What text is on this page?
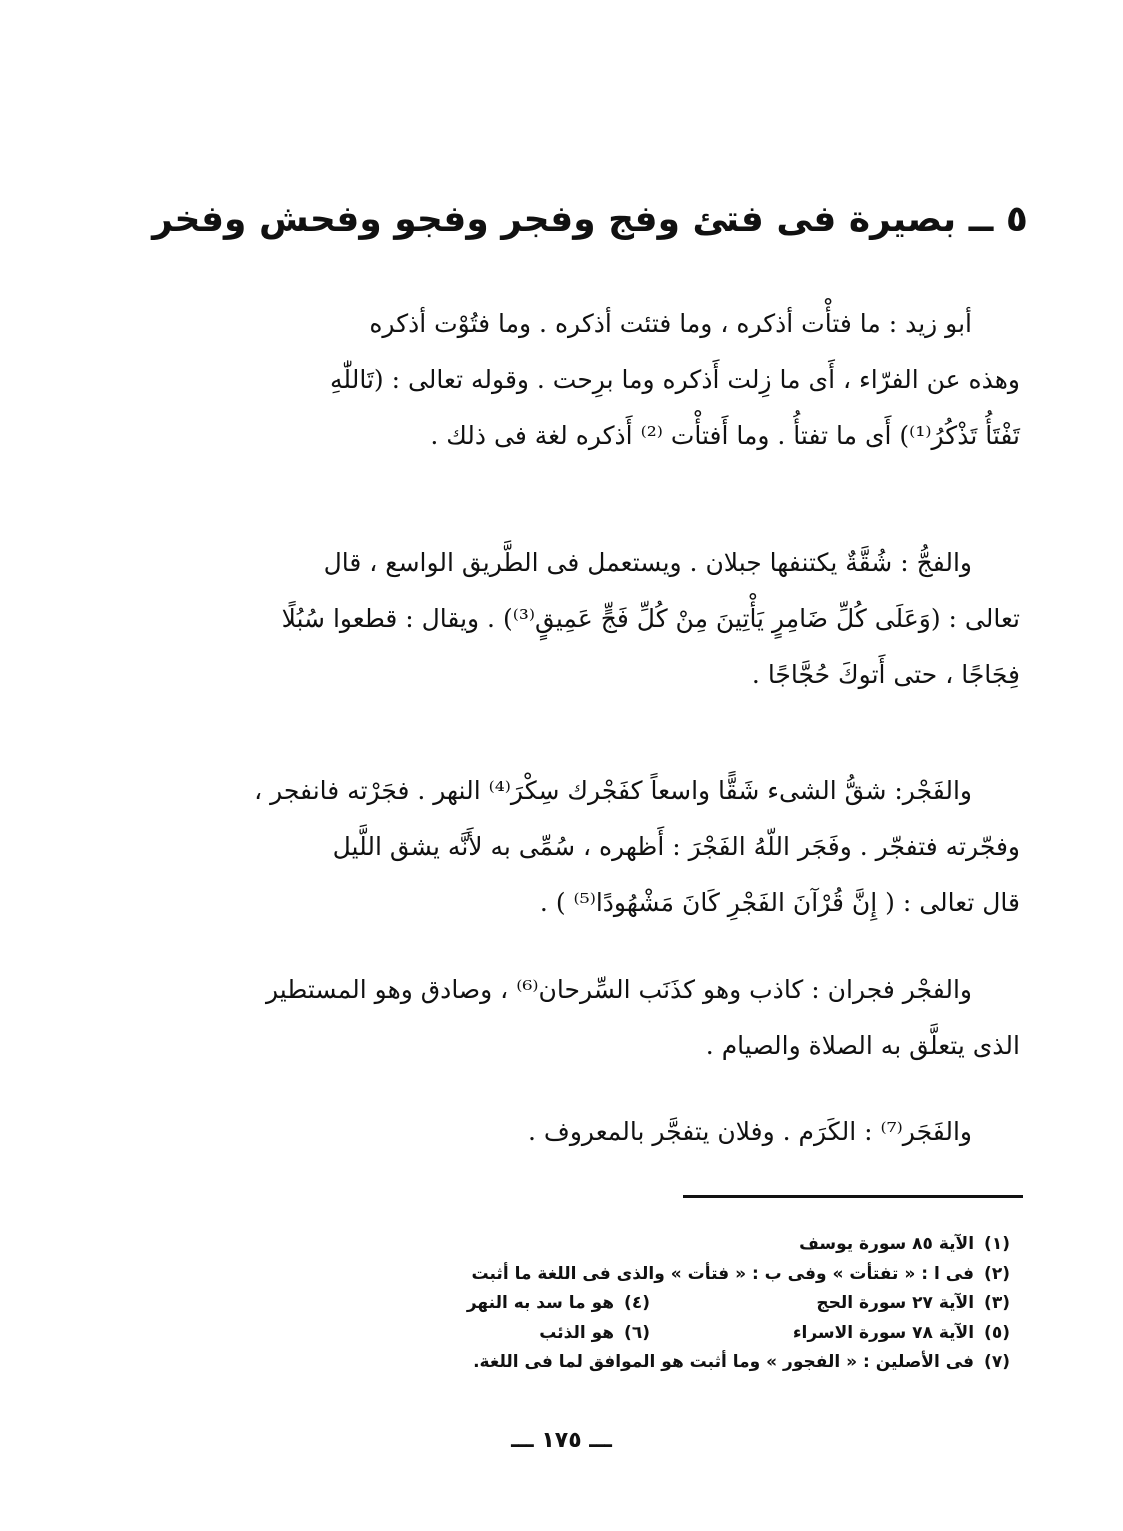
٥ ــ بصيرة فى فتئ وفج وفجر وفجو وفحش وفخر
أبو زيد : ما فتأْت أذكره ، وما فتئت أذكره . وما فتُوْت أذكره
وهذه عن الفرّاء ، أَى ما زِلت أَذكره وما برِحت . وقوله تعالى : (تَاللّٰهِ
تَفْتَأُ تَذْكُرُ⁽¹⁾) أَى ما تفتأُ . وما أَفتأْت ⁽²⁾ أَذكره لغة فى ذلك .
والفجُّ : شُقَّةٌ يكتنفها جبلان . ويستعمل فى الطَّريق الواسع ، قال
تعالى : (وَعَلَى كُلِّ ضَامِرٍ يَأْتِينَ مِنْ كُلِّ فَجٍّ عَمِيقٍ⁽³⁾) . ويقال : قطعوا سُبُلًا
فِجَاجًا ، حتى أَتوكَ حُجَّاجًا .
والفَجْر: شقُّ الشىء شَقًّا واسعاً كفَجْرك سِكْرَ⁽⁴⁾ النهر . فجَرْته فانفجر ،
وفجّرته فتفجّر . وفَجَر اللّهُ الفَجْرَ : أَظهره ، سُمِّى به لأَنَّه يشق اللَّيل
قال تعالى : ( إِنَّ قُرْآنَ الفَجْرِ كَانَ مَشْهُودًا⁽⁵⁾ ) .
والفجْر فجران : كاذب وهو كذَنَب السِّرحان⁽⁶⁾ ، وصادق وهو المستطير
الذى يتعلَّق به الصلاة والصيام .
والفَجَر⁽⁷⁾ : الكَرَم . وفلان يتفجَّر بالمعروف .
(١)الآية ٨٥ سورة يوسف
(٢)فى ا : « تفتأت » وفى ب : « فتأت » والذى فى اللغة ما أثبت
(٣)الآية ٢٧ سورة الحج
(٤)هو ما سد به النهر
(٥)الآية ٧٨ سورة الاسراء
(٦)هو الذئب
(٧)فى الأصلين : « الفجور » وما أثبت هو الموافق لما فى اللغة.
ـــ ١٧٥ ـــ
